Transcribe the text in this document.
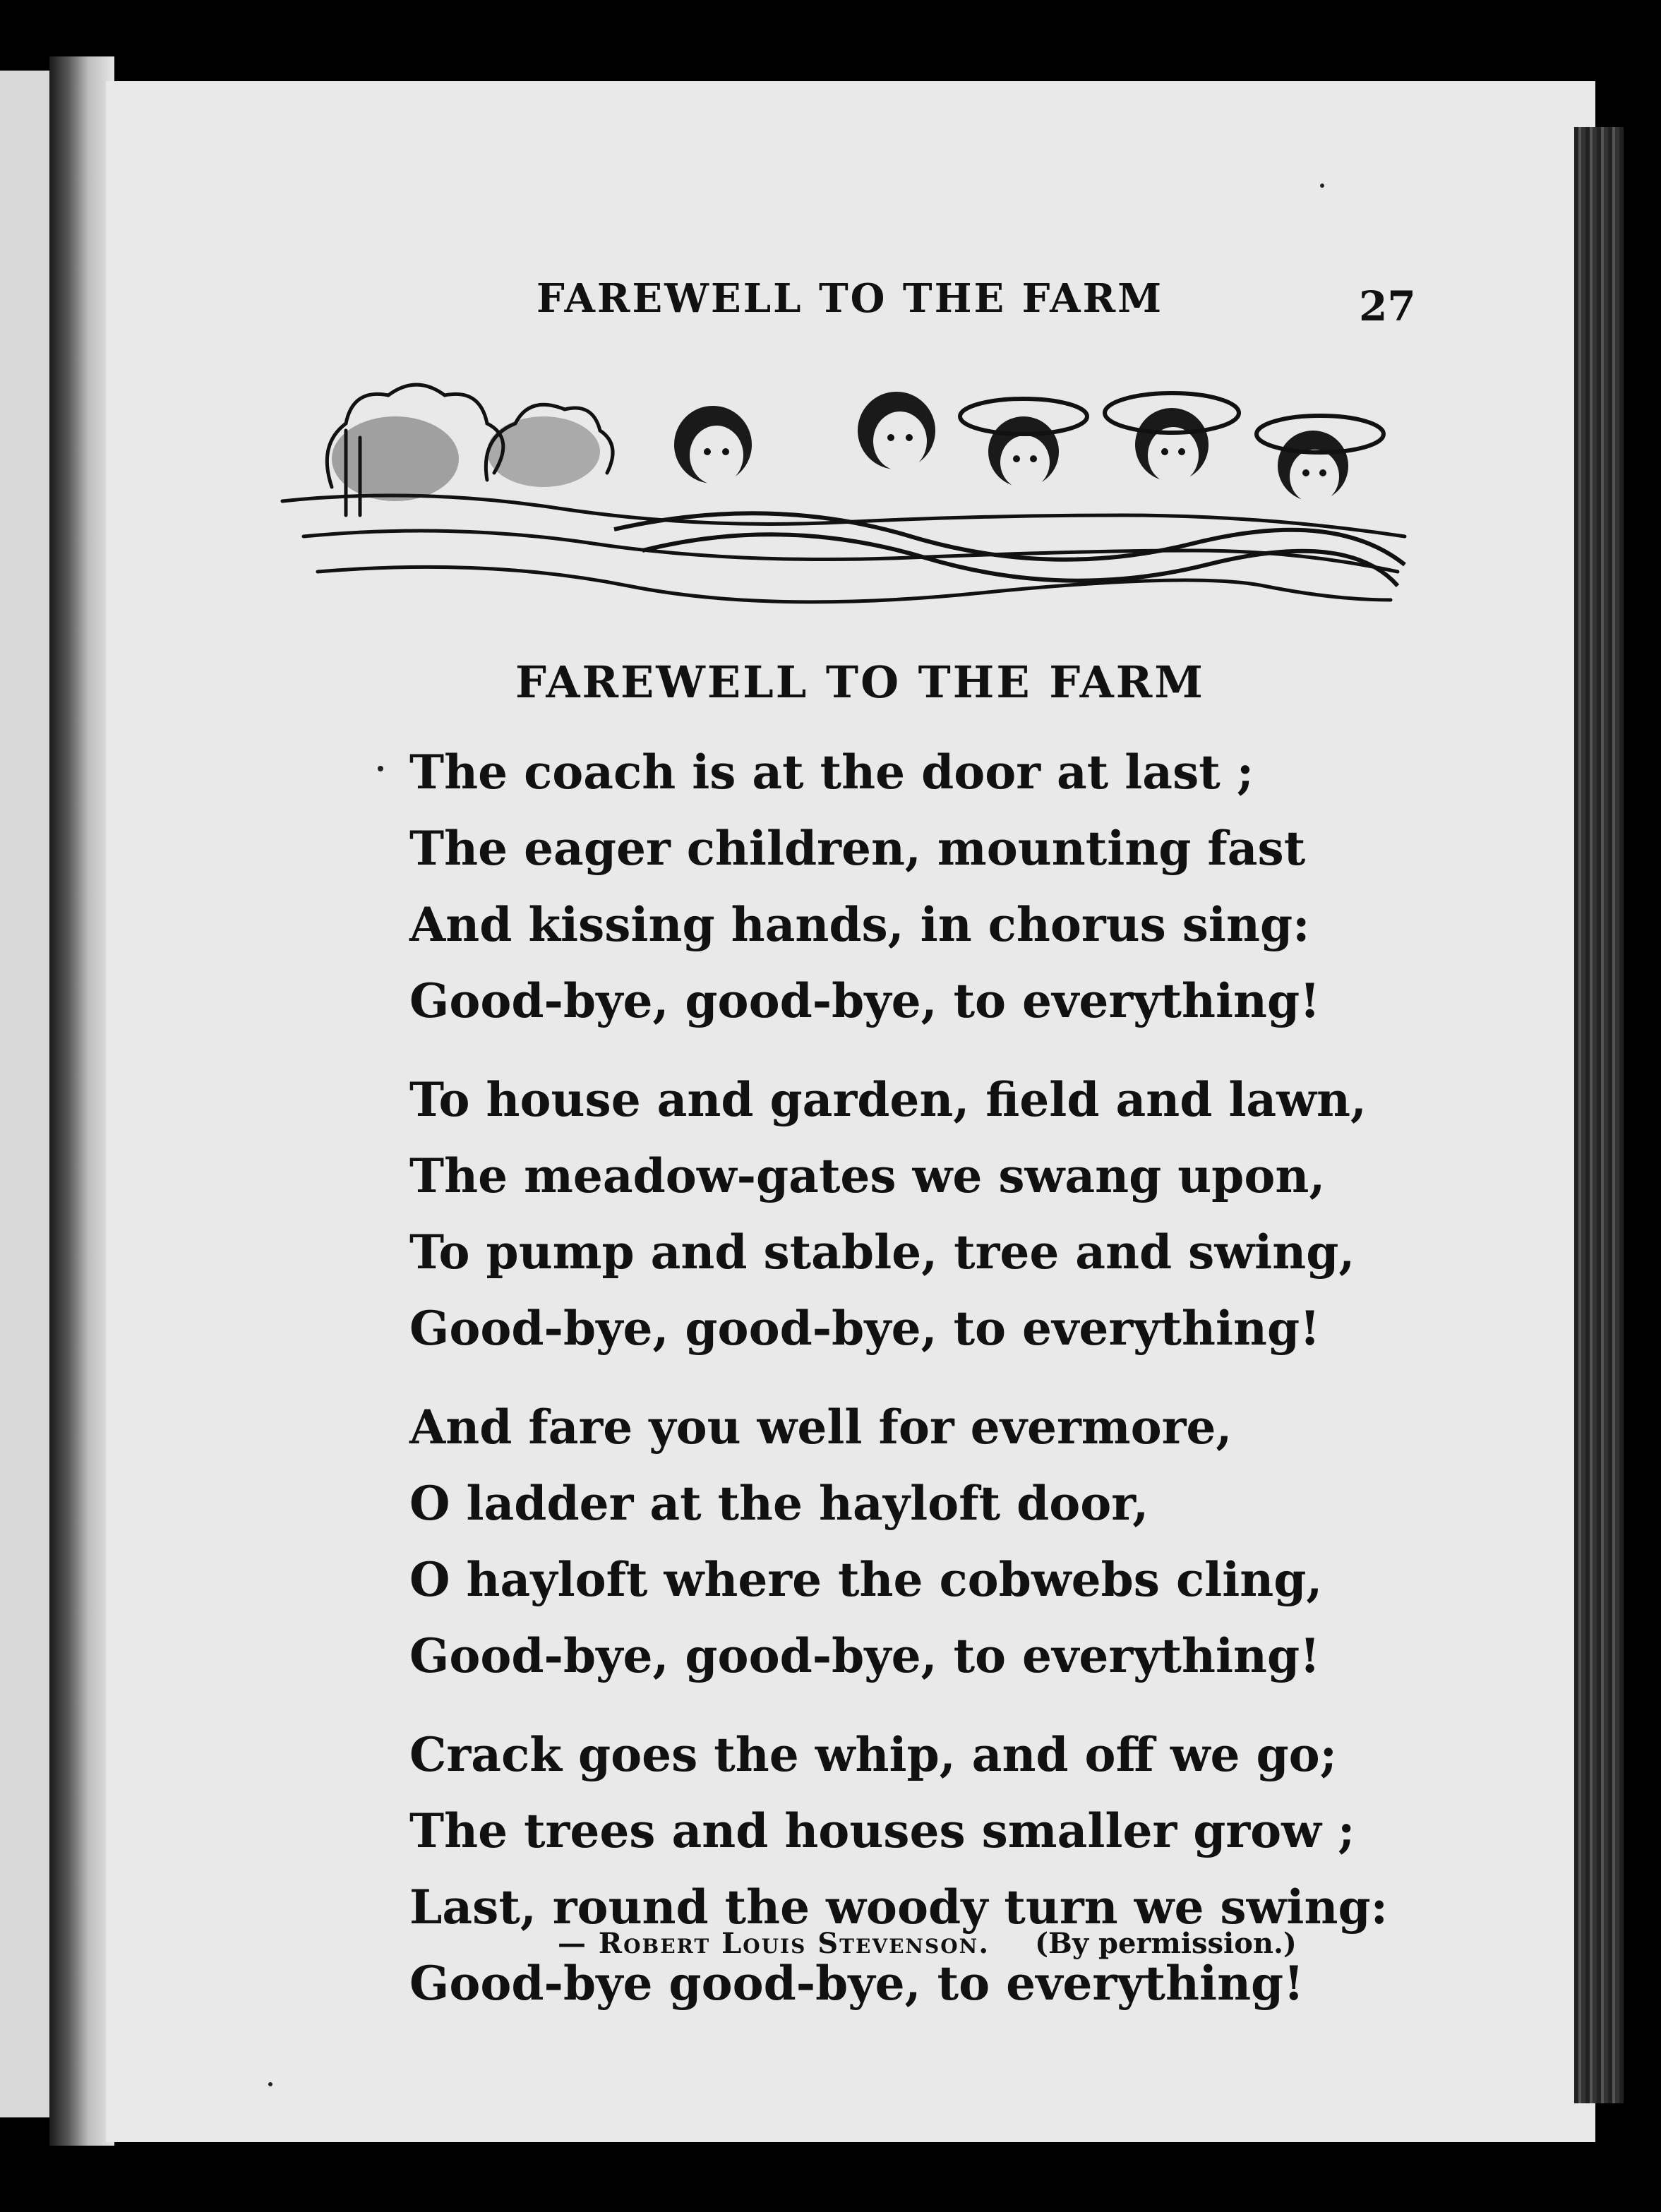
FAREWELL TO THE FARM	27
FAREWELL TO THE FARM
The coach is at the door at last ;
The eager children, mounting fast
And kissing hands, in chorus sing:
Good-bye, good-bye, to everything!
To house and garden, field and lawn,
The meadow-gates we swang upon,
To pump and stable, tree and swing,
Good-bye, good-bye, to everything!
And fare you well for evermore,
O ladder at the hayloft door,
O hayloft where the cobwebs cling,
Good-bye, good-bye, to everything!
Crack goes the whip, and off we go;
The trees and houses smaller grow ;
Last, round the woody turn we swing:
Good-bye good-bye, to everything!
— Robert Louis Stevenson. (By permission.)
